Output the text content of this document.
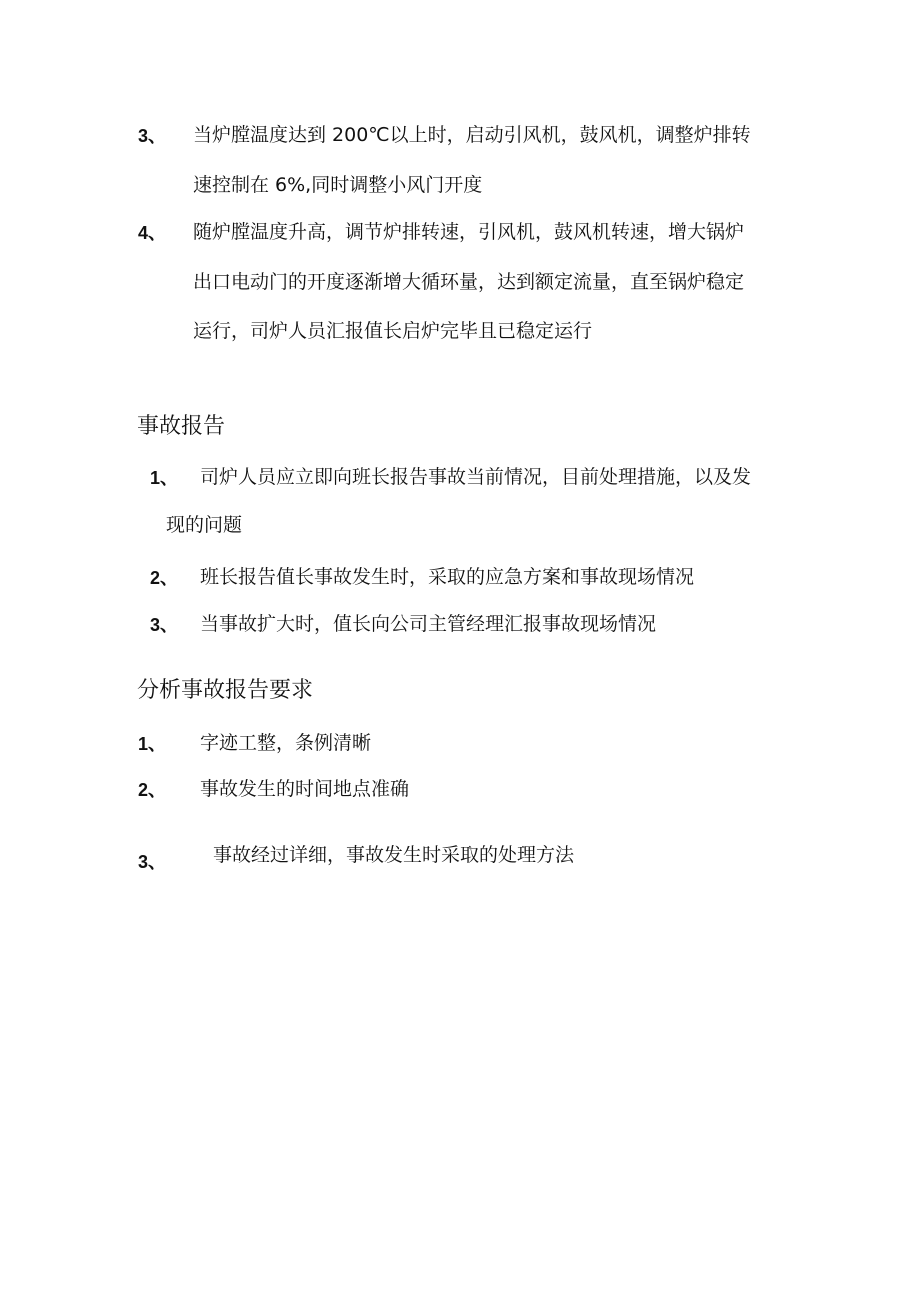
3、 当炉膛温度达到 200℃以上时，启动引风机，鼓风机，调整炉排转
速控制在 6%,同时调整小风门开度
4、 随炉膛温度升高，调节炉排转速，引风机，鼓风机转速，增大锅炉
出口电动门的开度逐渐增大循环量，达到额定流量，直至锅炉稳定
运行，司炉人员汇报值长启炉完毕且已稳定运行
事故报告
1、 司炉人员应立即向班长报告事故当前情况，目前处理措施，以及发
现的问题
2、 班长报告值长事故发生时，采取的应急方案和事故现场情况
3、 当事故扩大时，值长向公司主管经理汇报事故现场情况
分析事故报告要求
1、 字迹工整，条例清晰
2、 事故发生的时间地点准确
3、 事故经过详细，事故发生时采取的处理方法
